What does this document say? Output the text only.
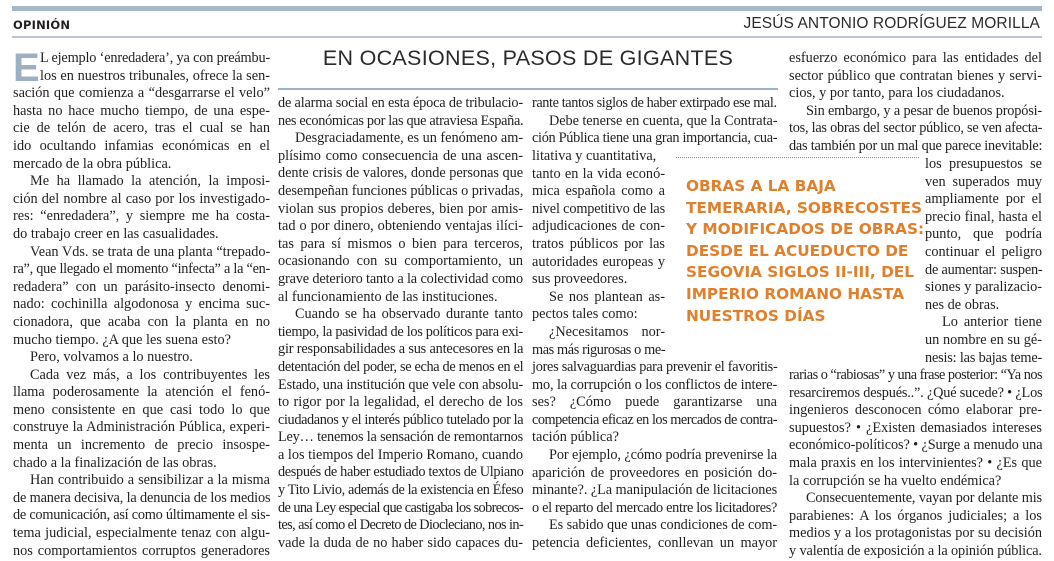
OPINIÓN	JESÚS ANTONIO RODRÍGUEZ MORILLA
EN OCASIONES, PASOS DE GIGANTES
E L ejemplo ‘enredadera’, ya con preámbu-
los en nuestros tribunales, ofrece la sen-
sación que comienza a “desgarrarse el velo”
hasta no hace mucho tiempo, de una espe-
cie de telón de acero, tras el cual se han
ido ocultando infamias económicas en el
mercado de la obra pública.
Me ha llamado la atención, la imposi-
ción del nombre al caso por los investigado-
res: “enredadera”, y siempre me ha costa-
do trabajo creer en las casualidades.
Vean Vds. se trata de una planta “trepado-
ra”, que llegado el momento “infecta” a la “en-
redadera” con un parásito-insecto denomi-
nado: cochinilla algodonosa y encima suc-
cionadora, que acaba con la planta en no
mucho tiempo. ¿A que les suena esto?
Pero, volvamos a lo nuestro.
Cada vez más, a los contribuyentes les
llama poderosamente la atención el fenó-
meno consistente en que casi todo lo que
construye la Administración Pública, experi-
menta un incremento de precio insospe-
chado a la finalización de las obras.
Han contribuido a sensibilizar a la misma
de manera decisiva, la denuncia de los medios
de comunicación, así como últimamente el sis-
tema judicial, especialmente tenaz con algu-
nos comportamientos corruptos generadores
de alarma social en esta época de tribulacio-
nes económicas por las que atraviesa España.
Desgraciadamente, es un fenómeno am-
plísimo como consecuencia de una ascen-
dente crisis de valores, donde personas que
desempeñan funciones públicas o privadas,
violan sus propios deberes, bien por amis-
tad o por dinero, obteniendo ventajas ilíci-
tas para sí mismos o bien para terceros,
ocasionando con su comportamiento, un
grave deterioro tanto a la colectividad como
al funcionamiento de las instituciones.
Cuando se ha observado durante tanto
tiempo, la pasividad de los políticos para exi-
gir responsabilidades a sus antecesores en la
detentación del poder, se echa de menos en el
Estado, una institución que vele con absolu-
to rigor por la legalidad, el derecho de los
ciudadanos y el interés público tutelado por la
Ley… tenemos la sensación de remontarnos
a los tiempos del Imperio Romano, cuando
después de haber estudiado textos de Ulpiano
y Tito Livio, además de la existencia en Éfeso
de una Ley especial que castigaba los sobrecos-
tes, así como el Decreto de Diocleciano, nos in-
vade la duda de no haber sido capaces du-
rante tantos siglos de haber extirpado ese mal.
Debe tenerse en cuenta, que la Contrata-
ción Pública tiene una gran importancia, cua-
litativa y cuantitativa,
tanto en la vida econó-
mica española como a
nivel competitivo de las
adjudicaciones de con-
tratos públicos por las
autoridades europeas y
sus proveedores.
Se nos plantean as-
pectos tales como:
¿Necesitamos nor-
mas más rigurosas o me-
jores salvaguardias para prevenir el favoritis-
mo, la corrupción o los conflictos de intere-
ses? ¿Cómo puede garantizarse una
competencia eficaz en los mercados de contra-
tación pública?
Por ejemplo, ¿cómo podría prevenirse la
aparición de proveedores en posición do-
minante?. ¿La manipulación de licitaciones
o el reparto del mercado entre los licitadores?
Es sabido que unas condiciones de com-
petencia deficientes, conllevan un mayor
esfuerzo económico para las entidades del
sector público que contratan bienes y servi-
cios, y por tanto, para los ciudadanos.
Sin embargo, y a pesar de buenos propósi-
tos, las obras del sector público, se ven afecta-
das también por un mal que parece inevitable:
los presupuestos se
ven superados muy
ampliamente por el
precio final, hasta el
punto, que podría
continuar el peligro
de aumentar: suspen-
siones y paralizacio-
nes de obras.
Lo anterior tiene
un nombre en su gé-
nesis: las bajas teme-
rarias o “rabiosas” y una frase posterior: “Ya nos
resarciremos después..”. ¿Qué sucede? • ¿Los
ingenieros desconocen cómo elaborar pre-
supuestos? • ¿Existen demasiados intereses
económico-políticos? • ¿Surge a menudo una
mala praxis en los intervinientes? • ¿Es que
la corrupción se ha vuelto endémica?
Consecuentemente, vayan por delante mis
parabienes: A los órganos judiciales; a los
medios y a los protagonistas por su decisión
y valentía de exposición a la opinión pública.
OBRAS A LA BAJA
TEMERARIA, SOBRECOSTES
Y MODIFICADOS DE OBRAS:
DESDE EL ACUEDUCTO DE
SEGOVIA SIGLOS II-III, DEL
IMPERIO ROMANO HASTA
NUESTROS DÍAS
